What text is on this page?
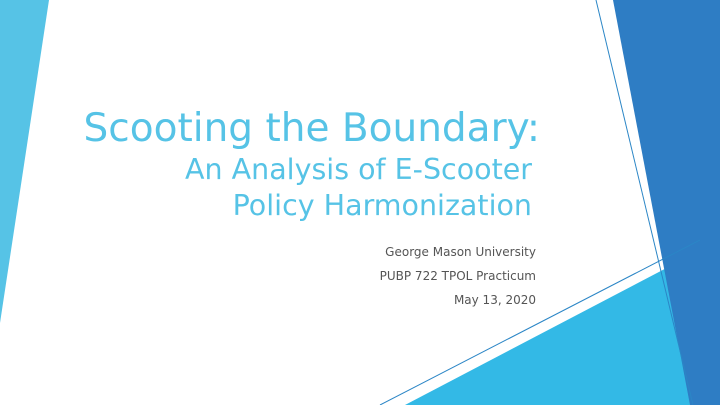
Scooting the Boundary:
An Analysis of E-Scooter
Policy Harmonization
George Mason University
PUBP 722 TPOL Practicum
May 13, 2020
